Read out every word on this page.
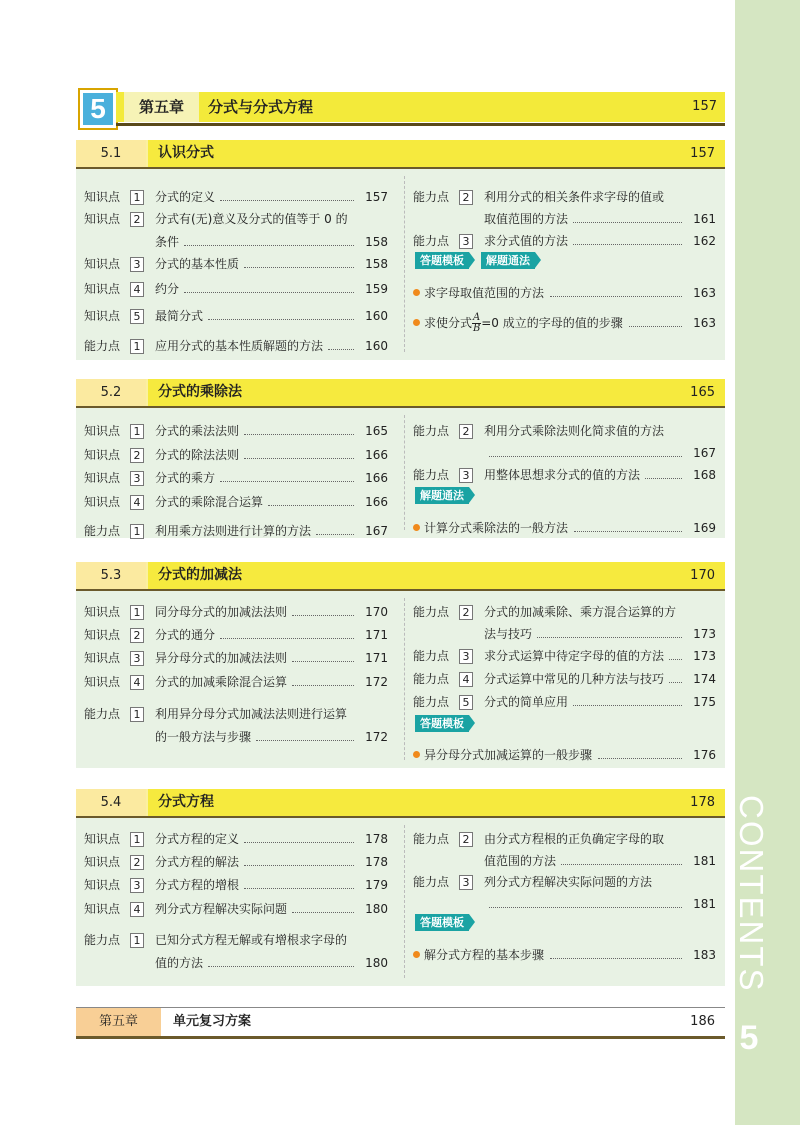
CONTENTS
5
5	第五章	分式与分式方程	157
5.1	认识分式	157
知识点	1 分式的定义	157
知识点	2 分式有(无)意义及分式的值等于 0 的
条件	158
知识点	3 分式的基本性质	158
知识点	4 约分	159
知识点	5 最简分式	160
能力点	1 应用分式的基本性质解题的方法	160
能力点	2 利用分式的相关条件求字母的值或
取值范围的方法	161
能力点	3 求分式值的方法	162
答题模板	解题通法
求字母取值范围的方法	163
求使分式 $\frac{A}{B} =0$ 成立的字母的值的步骤	163
5.2	分式的乘除法	165
知识点	1 分式的乘法法则	165
知识点	2 分式的除法法则	166
知识点	3 分式的乘方	166
知识点	4 分式的乘除混合运算	166
能力点	1 利用乘方法则进行计算的方法	167
能力点	2 利用分式乘除法则化简求值的方法
167
能力点	3 用整体思想求分式的值的方法	168
解题通法
计算分式乘除法的一般方法	169
5.3	分式的加减法	170
知识点	1 同分母分式的加减法法则	170
知识点	2 分式的通分	171
知识点	3 异分母分式的加减法法则	171
知识点	4 分式的加减乘除混合运算	172
能力点	1 利用异分母分式加减法法则进行运算
的一般方法与步骤	172
能力点	2 分式的加减乘除、乘方混合运算的方
法与技巧	173
能力点	3 求分式运算中待定字母的值的方法	173
能力点	4 分式运算中常见的几种方法与技巧	174
能力点	5 分式的简单应用	175
答题模板
异分母分式加减运算的一般步骤	176
5.4	分式方程	178
知识点	1 分式方程的定义	178
知识点	2 分式方程的解法	178
知识点	3 分式方程的增根	179
知识点	4 列分式方程解决实际问题	180
能力点	1 已知分式方程无解或有增根求字母的
值的方法	180
能力点	2 由分式方程根的正负确定字母的取
值范围的方法	181
能力点	3 列分式方程解决实际问题的方法
181
答题模板
解分式方程的基本步骤	183
第五章	单元复习方案	186
